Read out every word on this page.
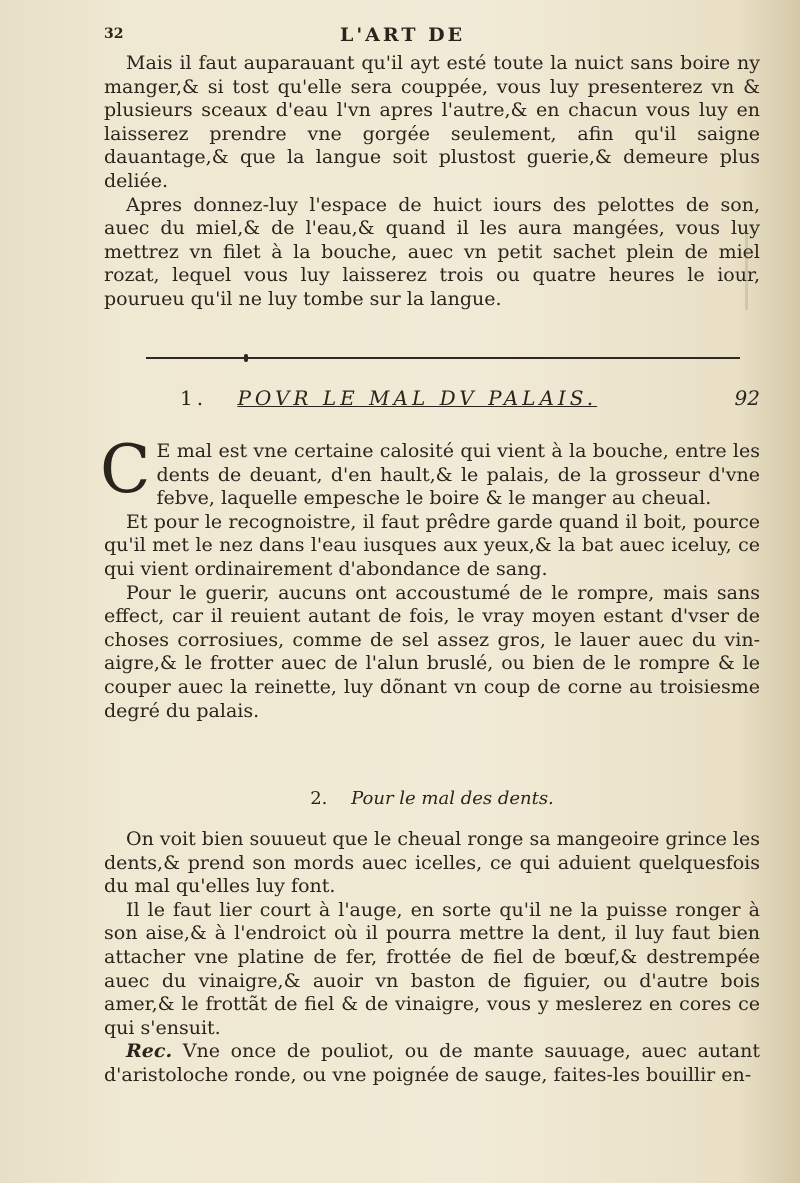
32	L'ART DE

Mais il faut auparauant qu'il ayt esté toute la nuict sans boire ny manger,& si tost qu'elle sera couppée, vous luy presenterez vn & plusieurs sceaux d'eau l'vn apres l'autre,& en chacun vous luy en laisserez prendre vne gorgée seulement, afin qu'il saigne dauantage,& que la langue soit plustost guerie,& demeure plus deliée.

Apres donnez-luy l'espace de huict iours des pelottes de son, auec du miel,& de l'eau,& quand il les aura mangées, vous luy mettrez vn filet à la bouche, auec vn petit sachet plein de miel rozat, lequel vous luy laisserez trois ou quatre heures le iour, pourueu qu'il ne luy tombe sur la langue.

1. POVR LE MAL DV PALAIS.	92

C E mal est vne certaine calosité qui vient à la bouche, entre les dents de deuant, d'en hault,& le palais, de la grosseur d'vne febve, laquelle empesche le boire & le manger au cheual.

Et pour le recognoistre, il faut prêdre garde quand il boit, pource qu'il met le nez dans l'eau iusques aux yeux,& la bat auec iceluy, ce qui vient ordinairement d'abondance de sang.

Pour le guerir, aucuns ont accoustumé de le rompre, mais sans effect, car il reuient autant de fois, le vray moyen estant d'vser de choses corrosiues, comme de sel assez gros, le lauer auec du vin-aigre,& le frotter auec de l'alun bruslé, ou bien de le rompre & le couper auec la reinette, luy dõnant vn coup de corne au troisiesme degré du palais.

2. Pour le mal des dents.

On voit bien souueut que le cheual ronge sa mangeoire grince les dents,& prend son mords auec icelles, ce qui aduient quelquesfois du mal qu'elles luy font.

Il le faut lier court à l'auge, en sorte qu'il ne la puisse ronger à son aise,& à l'endroict où il pourra mettre la dent, il luy faut bien attacher vne platine de fer, frottée de fiel de bœuf,& destrempée auec du vinaigre,& auoir vn baston de figuier, ou d'autre bois amer,& le frottãt de fiel & de vinaigre, vous y meslerez en cores ce qui s'ensuit.

Rec. Vne once de pouliot, ou de mante sauuage, auec autant d'aristoloche ronde, ou vne poignée de sauge, faites-les bouillir en-
